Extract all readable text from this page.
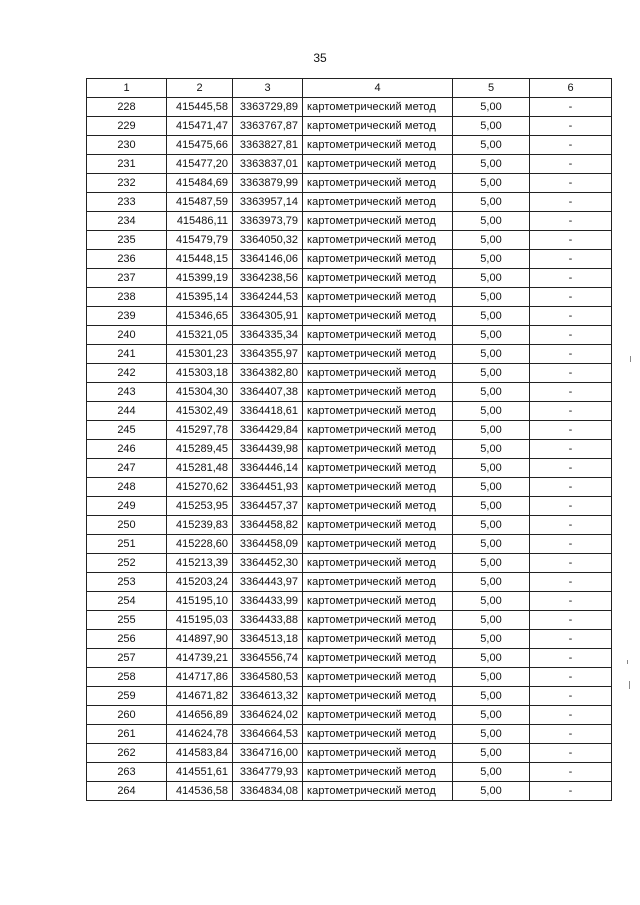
35
1	2	3	4	5	6
228	415445,58	3363729,89	картометрический метод	5,00	-
229	415471,47	3363767,87	картометрический метод	5,00	-
230	415475,66	3363827,81	картометрический метод	5,00	-
231	415477,20	3363837,01	картометрический метод	5,00	-
232	415484,69	3363879,99	картометрический метод	5,00	-
233	415487,59	3363957,14	картометрический метод	5,00	-
234	415486,11	3363973,79	картометрический метод	5,00	-
235	415479,79	3364050,32	картометрический метод	5,00	-
236	415448,15	3364146,06	картометрический метод	5,00	-
237	415399,19	3364238,56	картометрический метод	5,00	-
238	415395,14	3364244,53	картометрический метод	5,00	-
239	415346,65	3364305,91	картометрический метод	5,00	-
240	415321,05	3364335,34	картометрический метод	5,00	-
241	415301,23	3364355,97	картометрический метод	5,00	-
242	415303,18	3364382,80	картометрический метод	5,00	-
243	415304,30	3364407,38	картометрический метод	5,00	-
244	415302,49	3364418,61	картометрический метод	5,00	-
245	415297,78	3364429,84	картометрический метод	5,00	-
246	415289,45	3364439,98	картометрический метод	5,00	-
247	415281,48	3364446,14	картометрический метод	5,00	-
248	415270,62	3364451,93	картометрический метод	5,00	-
249	415253,95	3364457,37	картометрический метод	5,00	-
250	415239,83	3364458,82	картометрический метод	5,00	-
251	415228,60	3364458,09	картометрический метод	5,00	-
252	415213,39	3364452,30	картометрический метод	5,00	-
253	415203,24	3364443,97	картометрический метод	5,00	-
254	415195,10	3364433,99	картометрический метод	5,00	-
255	415195,03	3364433,88	картометрический метод	5,00	-
256	414897,90	3364513,18	картометрический метод	5,00	-
257	414739,21	3364556,74	картометрический метод	5,00	-
258	414717,86	3364580,53	картометрический метод	5,00	-
259	414671,82	3364613,32	картометрический метод	5,00	-
260	414656,89	3364624,02	картометрический метод	5,00	-
261	414624,78	3364664,53	картометрический метод	5,00	-
262	414583,84	3364716,00	картометрический метод	5,00	-
263	414551,61	3364779,93	картометрический метод	5,00	-
264	414536,58	3364834,08	картометрический метод	5,00	-
